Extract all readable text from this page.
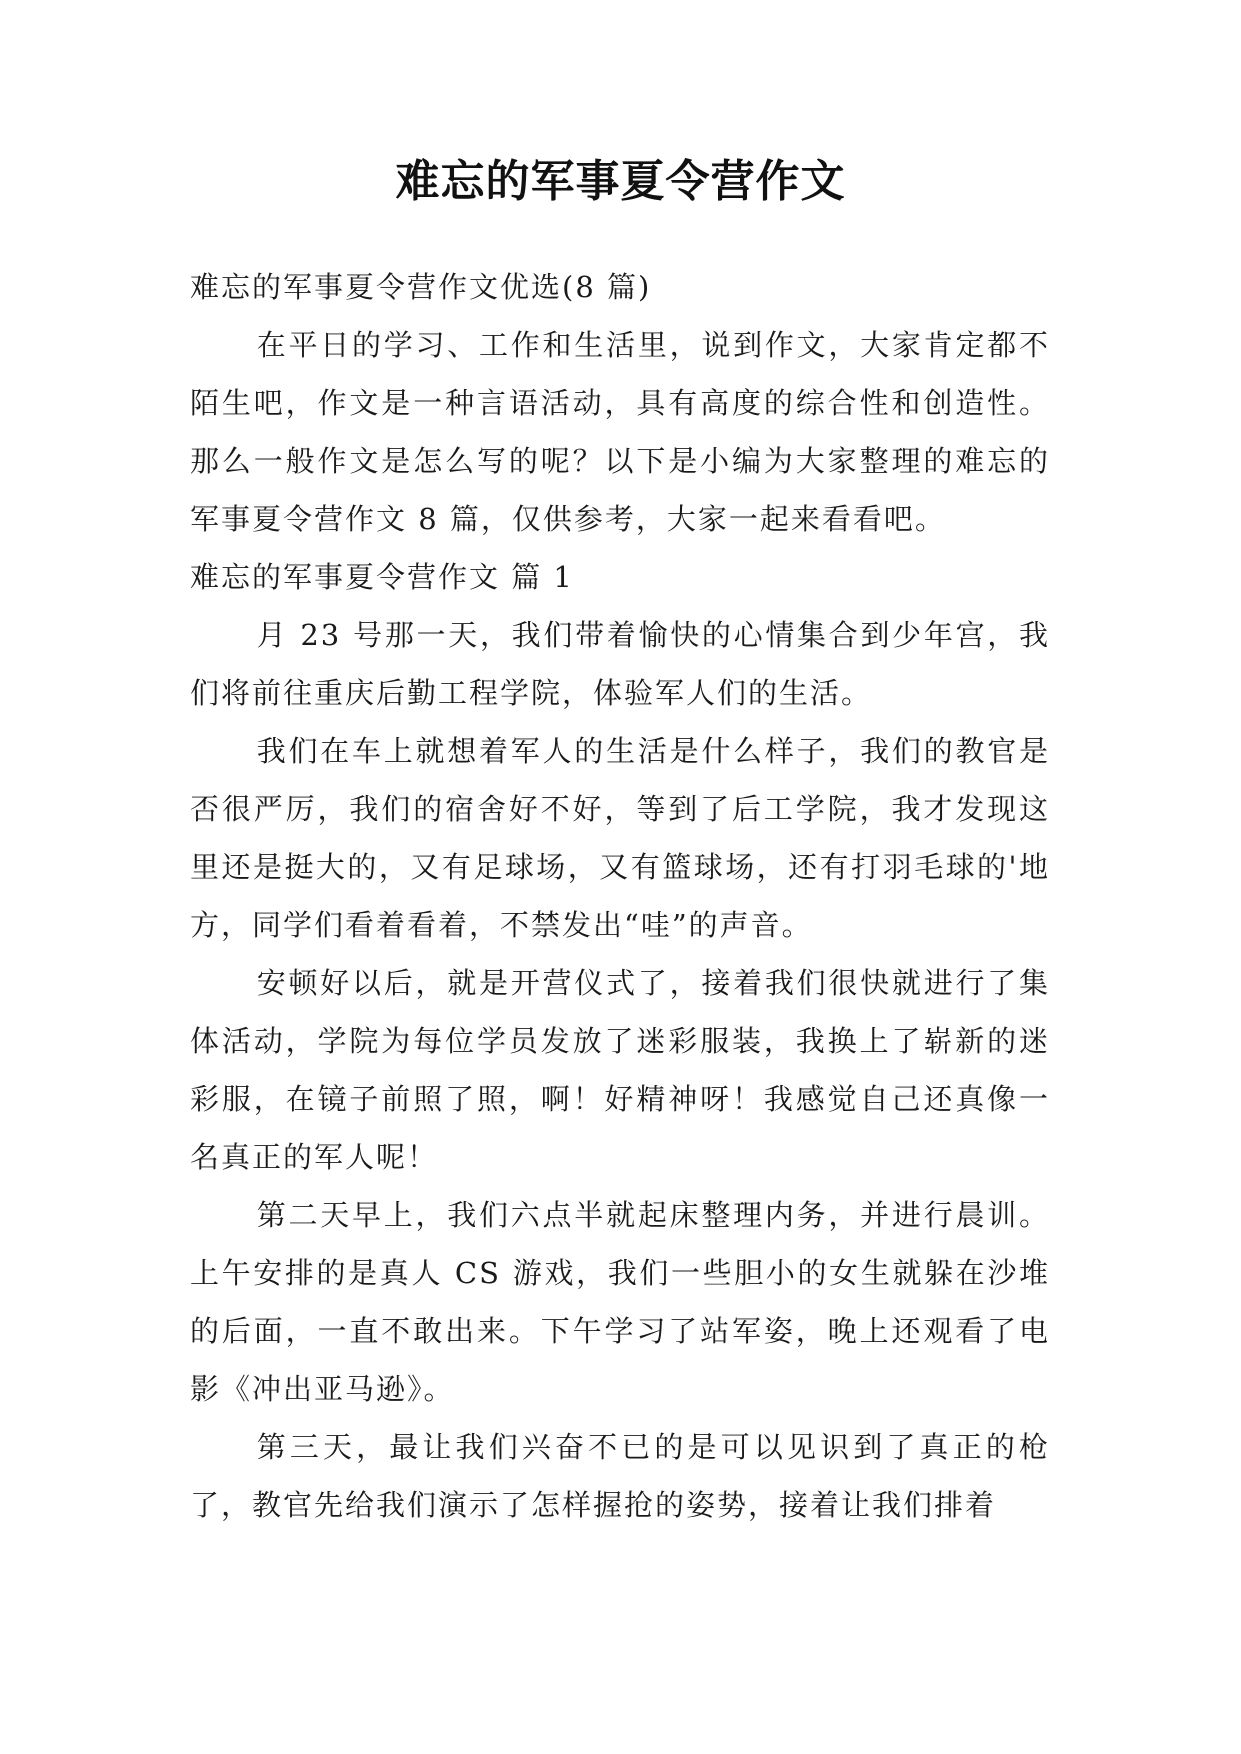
难忘的军事夏令营作文

难忘的军事夏令营作文优选(8 篇)

在平日的学习、工作和生活里，说到作文，大家肯定都不陌生吧，作文是一种言语活动，具有高度的综合性和创造性。那么一般作文是怎么写的呢？以下是小编为大家整理的难忘的军事夏令营作文 8 篇，仅供参考，大家一起来看看吧。

难忘的军事夏令营作文 篇 1

月 23 号那一天，我们带着愉快的心情集合到少年宫，我们将前往重庆后勤工程学院，体验军人们的生活。

我们在车上就想着军人的生活是什么样子，我们的教官是否很严厉，我们的宿舍好不好，等到了后工学院，我才发现这里还是挺大的，又有足球场，又有篮球场，还有打羽毛球的'地方，同学们看着看着，不禁发出“哇”的声音。

安顿好以后，就是开营仪式了，接着我们很快就进行了集体活动，学院为每位学员发放了迷彩服装，我换上了崭新的迷彩服，在镜子前照了照，啊！好精神呀！我感觉自己还真像一名真正的军人呢！

第二天早上，我们六点半就起床整理内务，并进行晨训。上午安排的是真人 CS 游戏，我们一些胆小的女生就躲在沙堆的后面，一直不敢出来。下午学习了站军姿，晚上还观看了电影《冲出亚马逊》。

第三天，最让我们兴奋不已的是可以见识到了真正的枪了，教官先给我们演示了怎样握抢的姿势，接着让我们排着
